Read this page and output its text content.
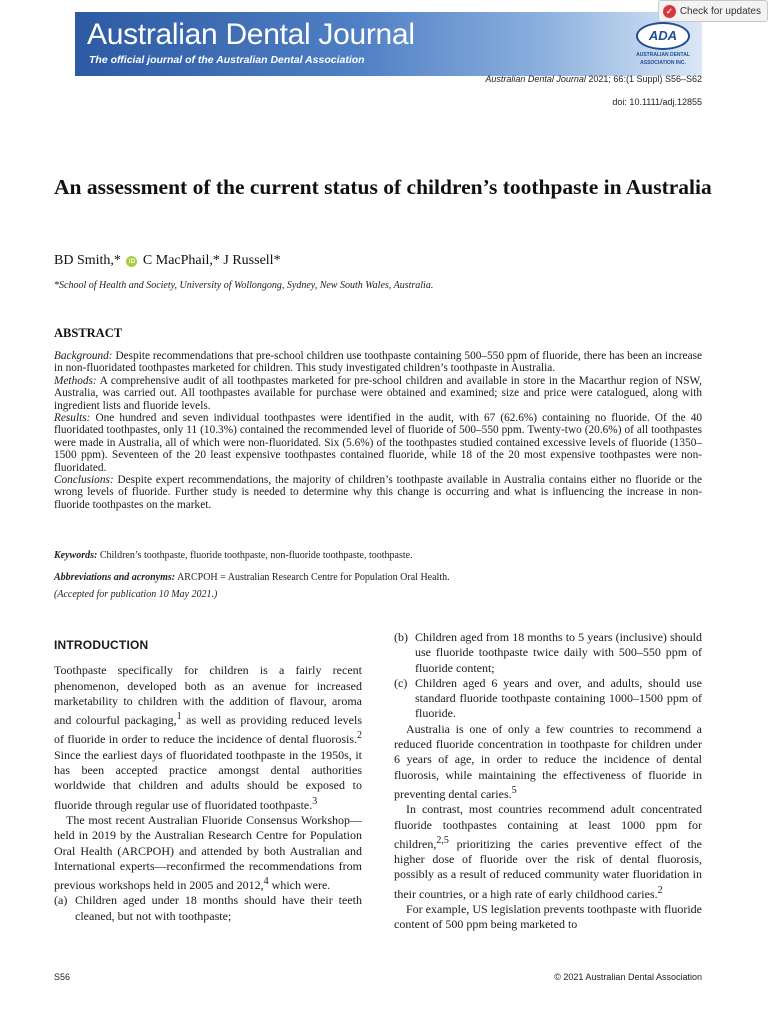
Australian Dental Journal
The official journal of the Australian Dental Association
ADA
AUSTRALIAN DENTAL
ASSOCIATION INC.
✓ Check for updates
Australian Dental Journal 2021; 66:(1 Suppl) S56–S62
doi: 10.1111/adj.12855
An assessment of the current status of children’s toothpaste in Australia
BD Smith,* iD C MacPhail,* J Russell*
*School of Health and Society, University of Wollongong, Sydney, New South Wales, Australia.
ABSTRACT

Background: Despite recommendations that pre-school children use toothpaste containing 500–550 ppm of fluoride, there has been an increase in non-fluoridated toothpastes marketed for children. This study investigated children’s toothpaste in Australia.

Methods: A comprehensive audit of all toothpastes marketed for pre-school children and available in store in the Macarthur region of NSW, Australia, was carried out. All toothpastes available for purchase were obtained and examined; size and price were catalogued, along with ingredient lists and fluoride levels.

Results: One hundred and seven individual toothpastes were identified in the audit, with 67 (62.6%) containing no fluoride. Of the 40 fluoridated toothpastes, only 11 (10.3%) contained the recommended level of fluoride of 500–550 ppm. Twenty-two (20.6%) of all toothpastes were made in Australia, all of which were non-fluoridated. Six (5.6%) of the toothpastes studied contained excessive levels of fluoride (1350–1500 ppm). Seventeen of the 20 least expensive toothpastes contained fluoride, while 18 of the 20 most expensive toothpastes were non-fluoridated.

Conclusions: Despite expert recommendations, the majority of children’s toothpaste available in Australia contains either no fluoride or the wrong levels of fluoride. Further study is needed to determine why this change is occurring and what is influencing the increase in non-fluoride toothpastes on the market.

Keywords: Children’s toothpaste, fluoride toothpaste, non-fluoride toothpaste, toothpaste.
Abbreviations and acronyms: ARCPOH = Australian Research Centre for Population Oral Health.
(Accepted for publication 10 May 2021.)
INTRODUCTION

Toothpaste specifically for children is a fairly recent phenomenon, developed both as an avenue for increased marketability to children with the addition of flavour, aroma and colourful packaging,$^1$ as well as providing reduced levels of fluoride in order to reduce the incidence of dental fluorosis.$^2$ Since the earliest days of fluoridated toothpaste in the 1950s, it has been accepted practice amongst dental authorities worldwide that children and adults should be exposed to fluoride through regular use of fluoridated toothpaste.$^3$

The most recent Australian Fluoride Consensus Workshop—held in 2019 by the Australian Research Centre for Population Oral Health (ARCPOH) and attended by both Australian and International experts—reconfirmed the recommendations from previous workshops held in 2005 and 2012,$^4$ which were.

(a) Children aged under 18 months should have their teeth cleaned, but not with toothpaste;

(b) Children aged from 18 months to 5 years (inclusive) should use fluoride toothpaste twice daily with 500–550 ppm of fluoride content;

(c) Children aged 6 years and over, and adults, should use standard fluoride toothpaste containing 1000–1500 ppm of fluoride.

Australia is one of only a few countries to recommend a reduced fluoride concentration in toothpaste for children under 6 years of age, in order to reduce the incidence of dental fluorosis, while maintaining the effectiveness of fluoride in preventing dental caries.$^5$

In contrast, most countries recommend adult concentrated fluoride toothpastes containing at least 1000 ppm for children,$^{2,5}$ prioritizing the caries preventive effect of the higher dose of fluoride over the risk of dental fluorosis, possibly as a result of reduced community water fluoridation in their countries, or a high rate of early childhood caries.$^2$

For example, US legislation prevents toothpaste with fluoride content of 500 ppm being marketed to

S56	© 2021 Australian Dental Association
